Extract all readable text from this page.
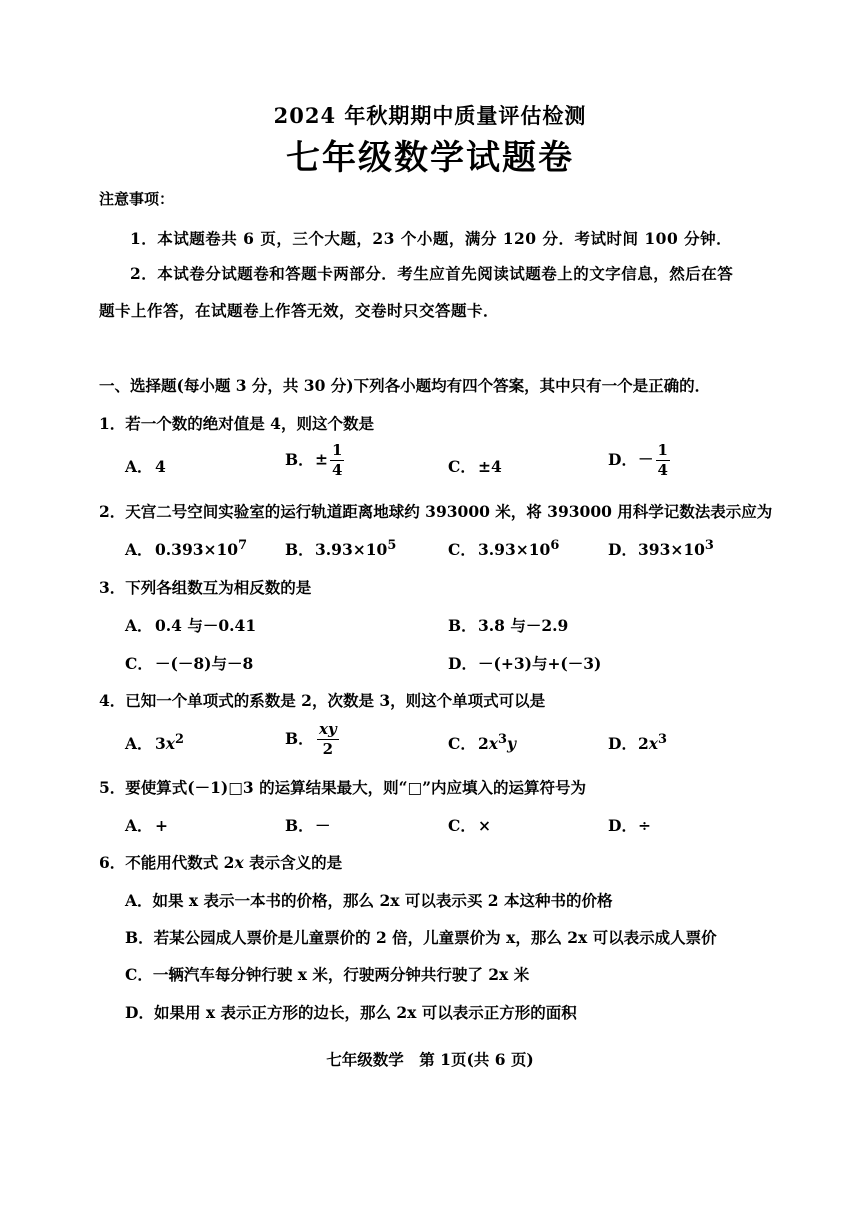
2024 年秋期期中质量评估检测
七年级数学试题卷
注意事项：
1．本试题卷共 6 页，三个大题，23 个小题，满分 120 分．考试时间 100 分钟．
2．本试卷分试题卷和答题卡两部分．考生应首先阅读试题卷上的文字信息，然后在答
题卡上作答，在试题卷上作答无效，交卷时只交答题卡．
一、选择题(每小题 3 分，共 30 分)下列各小题均有四个答案，其中只有一个是正确的．
1．若一个数的绝对值是 4，则这个数是
A． 4	B．± $\frac{1}{4}$	C． ±4	D．－ $\frac{1}{4}$
2．天宫二号空间实验室的运行轨道距离地球约 393000 米，将 393000 用科学记数法表示应为
A． $0.393\times 10^7$ B．$3.93\times 10^5$	C． $3.93\times 10^6$	D．$393\times 10^3$
3．下列各组数互为相反数的是
A． 0.4 与－0.41	B．3.8 与－2.9
C． －(－8)与－8	D．－(+3)与+(－3)
4．已知一个单项式的系数是 2，次数是 3，则这个单项式可以是
A． $3x^2$	B． $\frac{xy}{2}$	C． $2x^3y$	D．$2x^3$
5．要使算式(－1)□3 的运算结果最大，则“□”内应填入的运算符号为
A． +	B．－	C． ×	D．÷
6．不能用代数式 2x 表示含义的是
A．如果 x 表示一本书的价格，那么 2x 可以表示买 2 本这种书的价格
B．若某公园成人票价是儿童票价的 2 倍，儿童票价为 x，那么 2x 可以表示成人票价
C．一辆汽车每分钟行驶 x 米，行驶两分钟共行驶了 2x 米
D．如果用 x 表示正方形的边长，那么 2x 可以表示正方形的面积
七年级数学　第 1页(共 6 页)
